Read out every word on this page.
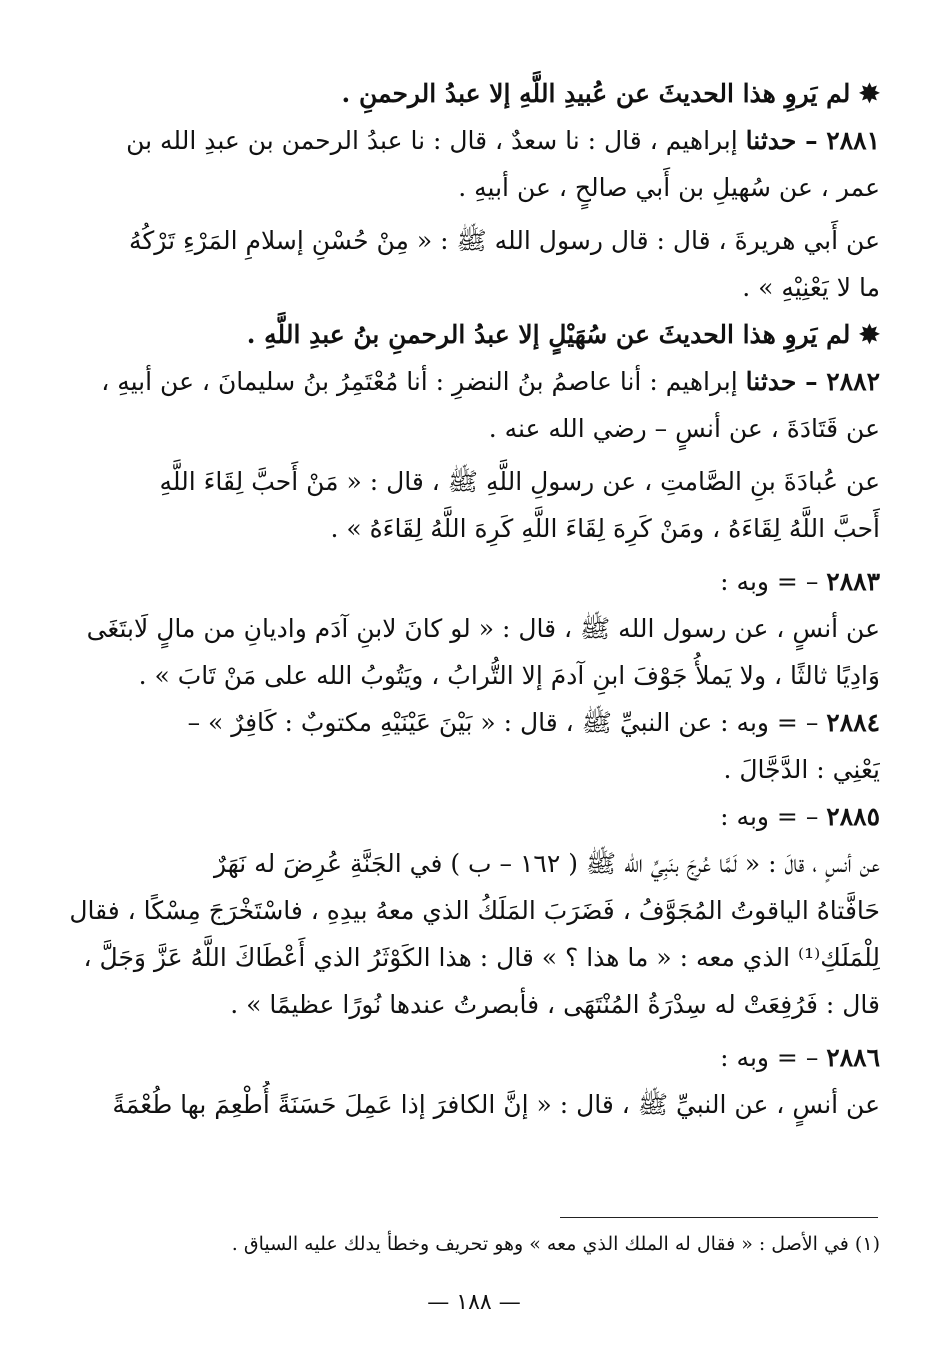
✸ لم يَروِ هذا الحديثَ عن عُبيدِ اللَّهِ إلا عبدُ الرحمنِ .
٢٨٨١ – حدثنا إبراهيم ، قال : نا سعدٌ ، قال : نا عبدُ الرحمن بن عبدِ الله بن
عمر ، عن سُهيلِ بن أَبي صالحٍ ، عن أبيهِ .
عن أَبي هريرةَ ، قال : قال رسول الله ﷺ : « مِنْ حُسْنِ إسلامِ المَرْءِ تَرْكُهُ
ما لا يَعْنِيْهِ » .
✸ لم يَروِ هذا الحديثَ عن سُهَيْلٍ إلا عبدُ الرحمنِ بنُ عبدِ اللَّهِ .
٢٨٨٢ – حدثنا إبراهيم : أنا عاصمُ بنُ النضرِ : أنا مُعْتَمِرُ بنُ سليمانَ ، عن أبيهِ ،
عن قَتَادَةَ ، عن أنسٍ – رضي الله عنه .
عن عُبادَةَ بنِ الصَّامتِ ، عن رسولِ اللَّهِ ﷺ ، قال : « مَنْ أَحبَّ لِقَاءَ اللَّهِ
أَحبَّ اللَّهُ لِقَاءَهُ ، ومَنْ كَرِهَ لِقَاءَ اللَّهِ كَرِهَ اللَّهُ لِقَاءَهُ » .
٢٨٨٣ – = وبه :
عن أنسٍ ، عن رسول الله ﷺ ، قال : « لو كانَ لابنِ آدَم واديانِ من مالٍ لَابتَغَى
وَادِيًا ثالثًا ، ولا يَملأُ جَوْفَ ابنِ آدمَ إلا التُّرابُ ، ويَتُوبُ الله على مَنْ تَابَ » .
٢٨٨٤ – = وبه : عن النبيِّ ﷺ ، قال : « بَيْنَ عَيْنَيْهِ مكتوبٌ : كَافِرٌ » –
يَعْنِي : الدَّجَّالَ .
٢٨٨٥ – = وبه :
عن أنسٍ ، قالَ : « لَمَّا عُرِجَ بنَبِيِّ الله ﷺ ( ١٦٢ – ب ) في الجَنَّةِ عُرِضَ له نَهَرٌ
حَافَّتاهُ الياقوتُ المُجَوَّفُ ، فَضَرَبَ المَلَكُ الذي معهُ بيدِهِ ، فاسْتَخْرَجَ مِسْكًا ، فقال
لِلْمَلَكِ⁽¹⁾ الذي معه : « ما هذا ؟ » قال : هذا الكَوْثَرُ الذي أَعْطَاكَ اللَّهُ عَزَّ وَجَلَّ ،
قال : فَرُفِعَتْ له سِدْرَةُ المُنْتَهَى ، فأبصرتُ عندها نُورًا عظيمًا » .
٢٨٨٦ – = وبه :
عن أنسٍ ، عن النبيِّ ﷺ ، قال : « إنَّ الكافرَ إذا عَمِلَ حَسَنَةً أُطْعِمَ بها طُعْمَةً
(١) في الأصل : « فقال له الملك الذي معه » وهو تحريف وخطأ يدلك عليه السياق .
— ١٨٨ —
